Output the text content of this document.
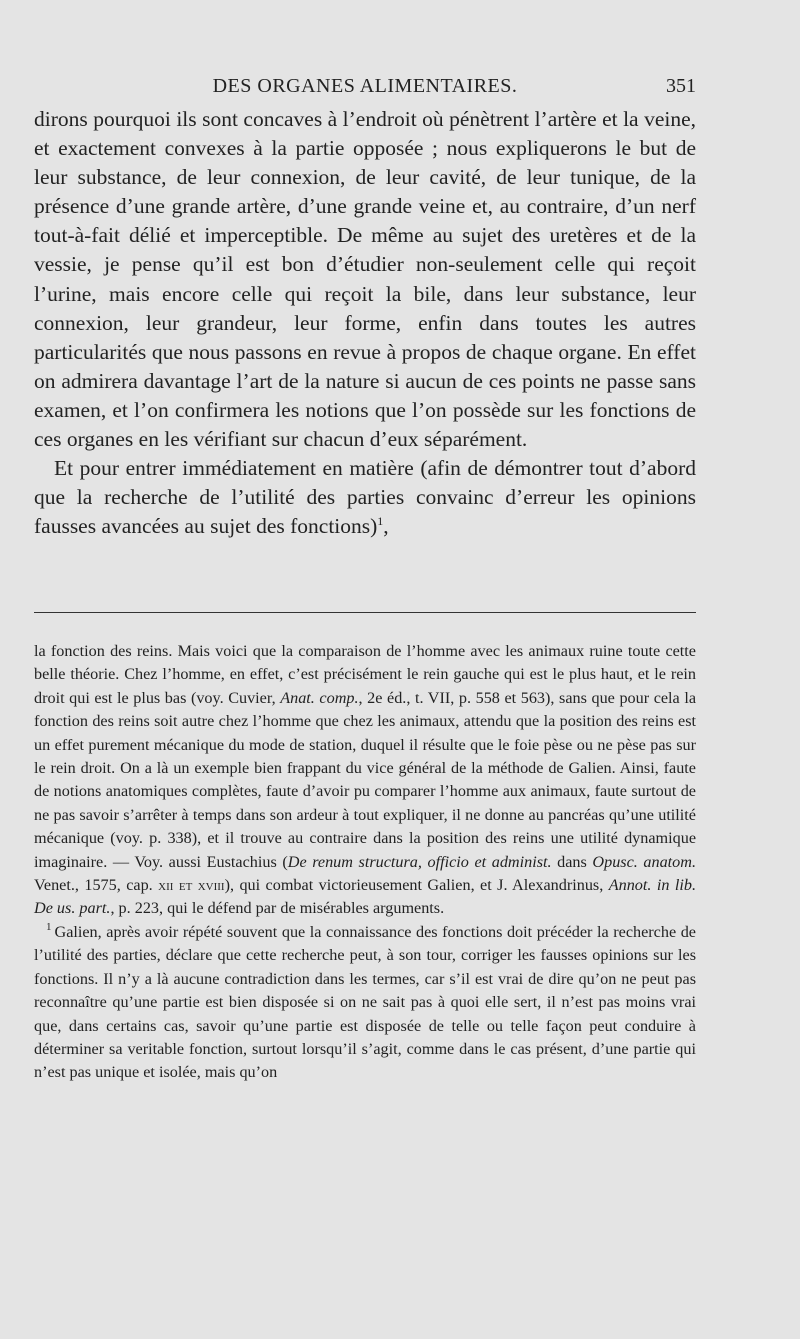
DES ORGANES ALIMENTAIRES.	351

dirons pourquoi ils sont concaves à l’endroit où pénètrent l’artère et la veine, et exactement convexes à la partie opposée ; nous expliquerons le but de leur substance, de leur connexion, de leur cavité, de leur tunique, de la présence d’une grande artère, d’une grande veine et, au contraire, d’un nerf tout-à-fait délié et imperceptible. De même au sujet des uretères et de la vessie, je pense qu’il est bon d’étudier non-seulement celle qui reçoit l’urine, mais encore celle qui reçoit la bile, dans leur substance, leur connexion, leur grandeur, leur forme, enfin dans toutes les autres particularités que nous passons en revue à propos de chaque organe. En effet on admirera davantage l’art de la nature si aucun de ces points ne passe sans examen, et l’on confirmera les notions que l’on possède sur les fonctions de ces organes en les vérifiant sur chacun d’eux séparément.

Et pour entrer immédiatement en matière (afin de démontrer tout d’abord que la recherche de l’utilité des parties convainc d’erreur les opinions fausses avancées au sujet des fonctions)$^1$,

la fonction des reins. Mais voici que la comparaison de l’homme avec les animaux ruine toute cette belle théorie. Chez l’homme, en effet, c’est précisément le rein gauche qui est le plus haut, et le rein droit qui est le plus bas (voy. Cuvier, Anat. comp., 2e éd., t. VII, p. 558 et 563), sans que pour cela la fonction des reins soit autre chez l’homme que chez les animaux, attendu que la position des reins est un effet purement mécanique du mode de station, duquel il résulte que le foie pèse ou ne pèse pas sur le rein droit. On a là un exemple bien frappant du vice général de la méthode de Galien. Ainsi, faute de notions anatomiques complètes, faute d’avoir pu comparer l’homme aux animaux, faute surtout de ne pas savoir s’arrêter à temps dans son ardeur à tout expliquer, il ne donne au pancréas qu’une utilité mécanique (voy. p. 338), et il trouve au contraire dans la position des reins une utilité dynamique imaginaire. — Voy. aussi Eustachius (De renum structura, officio et administ. dans Opusc. anatom. Venet., 1575, cap. xii et xviii), qui combat victorieusement Galien, et J. Alexandrinus, Annot. in lib. De us. part., p. 223, qui le défend par de misérables arguments.

$^1$ Galien, après avoir répété souvent que la connaissance des fonctions doit précéder la recherche de l’utilité des parties, déclare que cette recherche peut, à son tour, corriger les fausses opinions sur les fonctions. Il n’y a là aucune contradiction dans les termes, car s’il est vrai de dire qu’on ne peut pas reconnaître qu’une partie est bien disposée si on ne sait pas à quoi elle sert, il n’est pas moins vrai que, dans certains cas, savoir qu’une partie est disposée de telle ou telle façon peut conduire à déterminer sa veritable fonction, surtout lorsqu’il s’agit, comme dans le cas présent, d’une partie qui n’est pas unique et isolée, mais qu’on
